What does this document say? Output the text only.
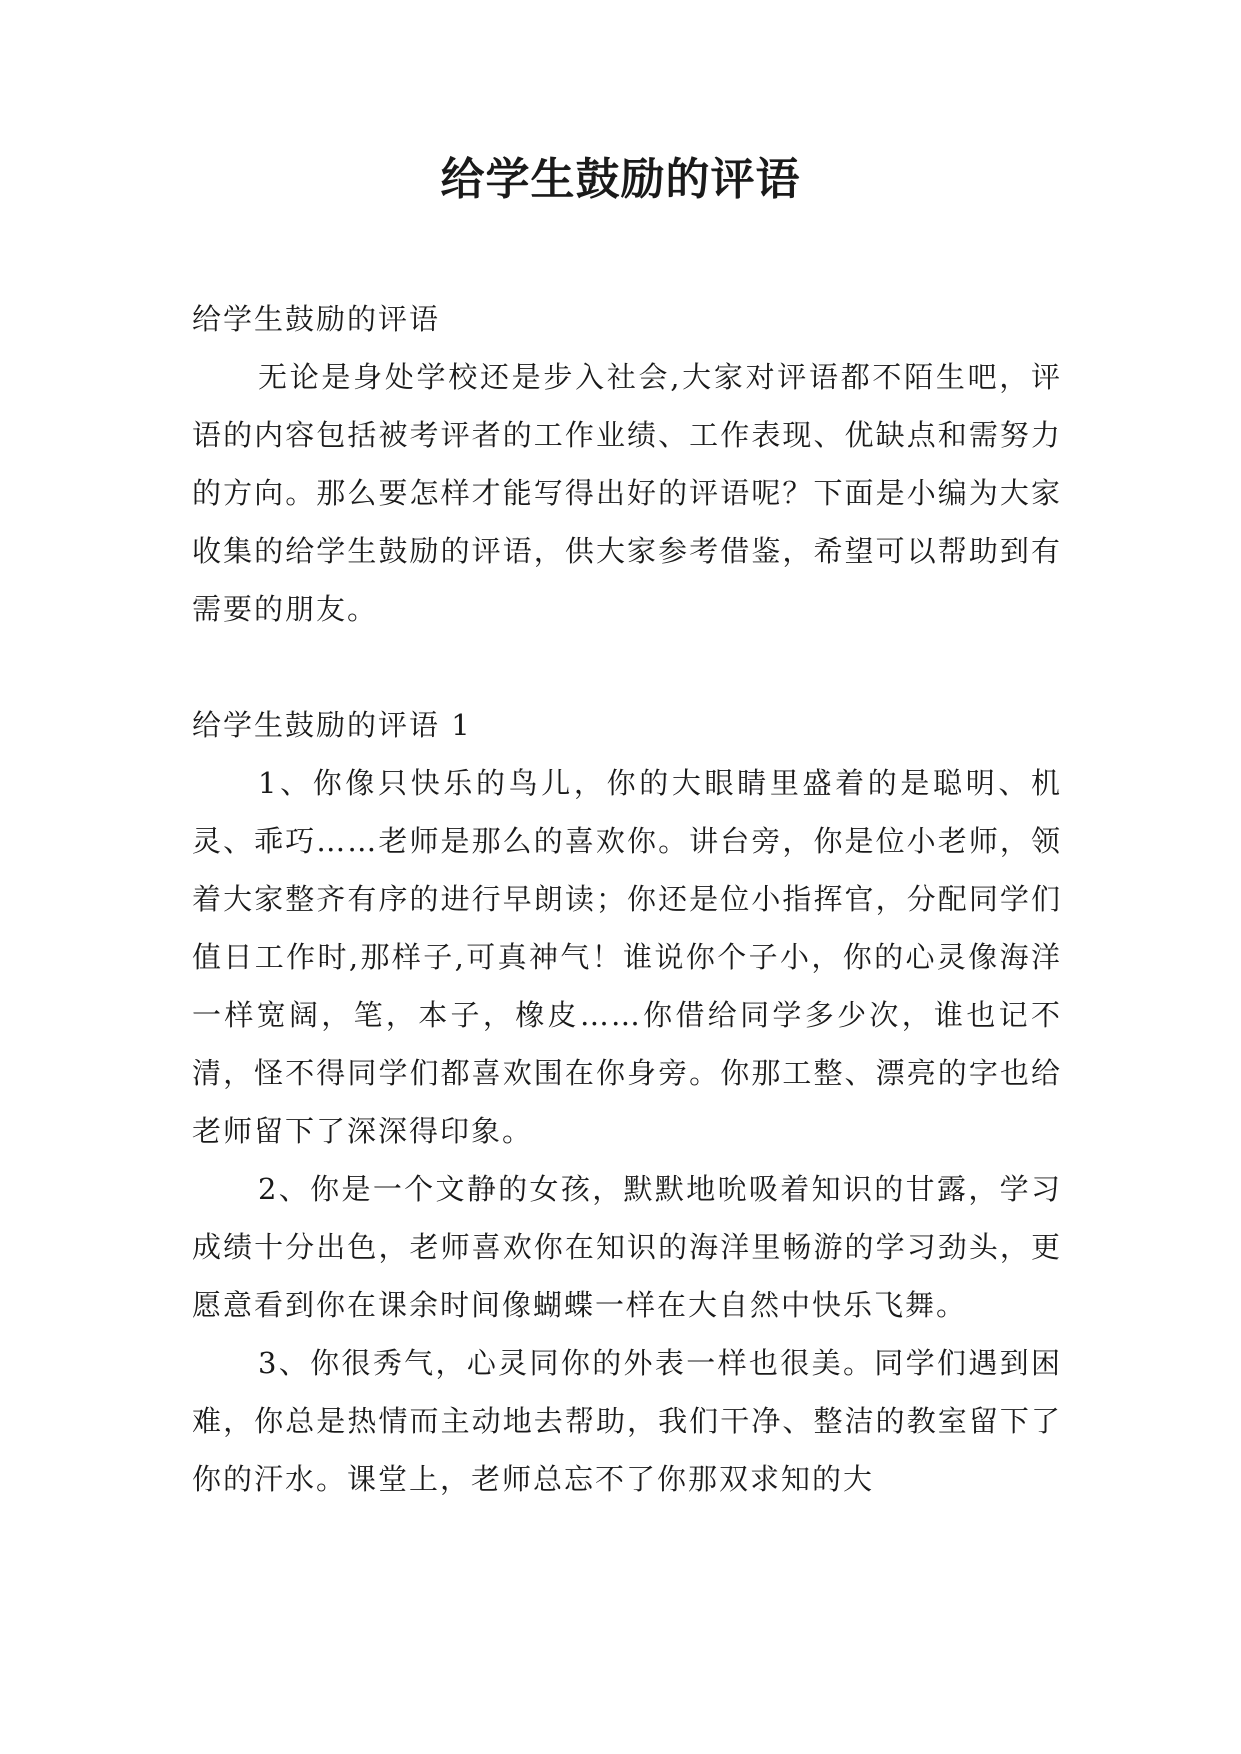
给学生鼓励的评语

给学生鼓励的评语

无论是身处学校还是步入社会,大家对评语都不陌生吧，评语的内容包括被考评者的工作业绩、工作表现、优缺点和需努力的方向。那么要怎样才能写得出好的评语呢？下面是小编为大家收集的给学生鼓励的评语，供大家参考借鉴，希望可以帮助到有需要的朋友。

给学生鼓励的评语 1

1、你像只快乐的鸟儿，你的大眼睛里盛着的是聪明、机灵、乖巧……老师是那么的喜欢你。讲台旁，你是位小老师，领着大家整齐有序的进行早朗读；你还是位小指挥官，分配同学们值日工作时,那样子,可真神气！谁说你个子小，你的心灵像海洋一样宽阔，笔，本子，橡皮……你借给同学多少次，谁也记不清，怪不得同学们都喜欢围在你身旁。你那工整、漂亮的字也给老师留下了深深得印象。

2、你是一个文静的女孩，默默地吮吸着知识的甘露，学习成绩十分出色，老师喜欢你在知识的海洋里畅游的学习劲头，更愿意看到你在课余时间像蝴蝶一样在大自然中快乐飞舞。

3、你很秀气，心灵同你的外表一样也很美。同学们遇到困难，你总是热情而主动地去帮助，我们干净、整洁的教室留下了你的汗水。课堂上，老师总忘不了你那双求知的大
